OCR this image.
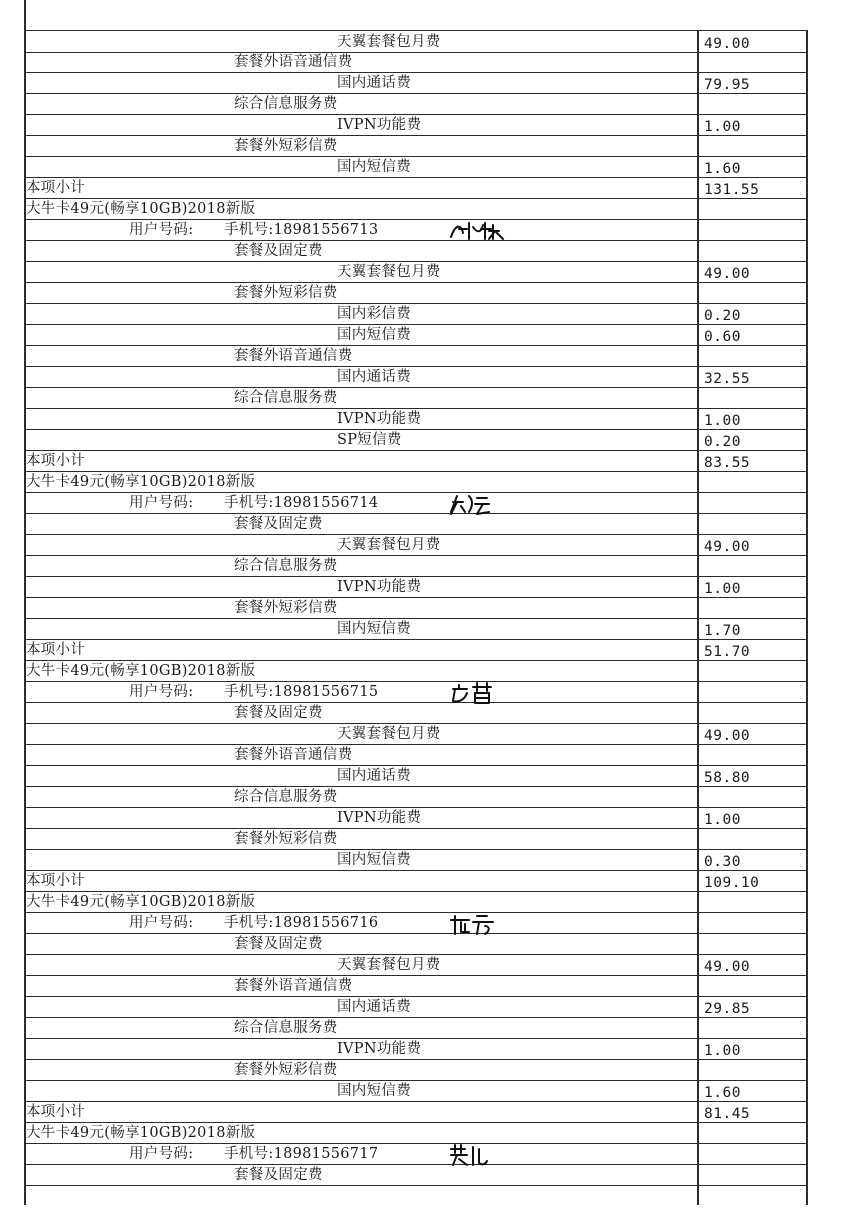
天翼套餐包月费	49.00
套餐外语音通信费
国内通话费	79.95
综合信息服务费
IVPN功能费	1.00
套餐外短彩信费
国内短信费	1.60
本项小计	131.55
大牛卡49元(畅享10GB)2018新版
用户号码: 手机号:18981556713
套餐及固定费
天翼套餐包月费	49.00
套餐外短彩信费
国内彩信费	0.20
国内短信费	0.60
套餐外语音通信费
国内通话费	32.55
综合信息服务费
IVPN功能费	1.00
SP短信费	0.20
本项小计	83.55
大牛卡49元(畅享10GB)2018新版
用户号码: 手机号:18981556714
套餐及固定费
天翼套餐包月费	49.00
综合信息服务费
IVPN功能费	1.00
套餐外短彩信费
国内短信费	1.70
本项小计	51.70
大牛卡49元(畅享10GB)2018新版
用户号码: 手机号:18981556715
套餐及固定费
天翼套餐包月费	49.00
套餐外语音通信费
国内通话费	58.80
综合信息服务费
IVPN功能费	1.00
套餐外短彩信费
国内短信费	0.30
本项小计	109.10
大牛卡49元(畅享10GB)2018新版
用户号码: 手机号:18981556716
套餐及固定费
天翼套餐包月费	49.00
套餐外语音通信费
国内通话费	29.85
综合信息服务费
IVPN功能费	1.00
套餐外短彩信费
国内短信费	1.60
本项小计	81.45
大牛卡49元(畅享10GB)2018新版
用户号码: 手机号:18981556717
套餐及固定费
